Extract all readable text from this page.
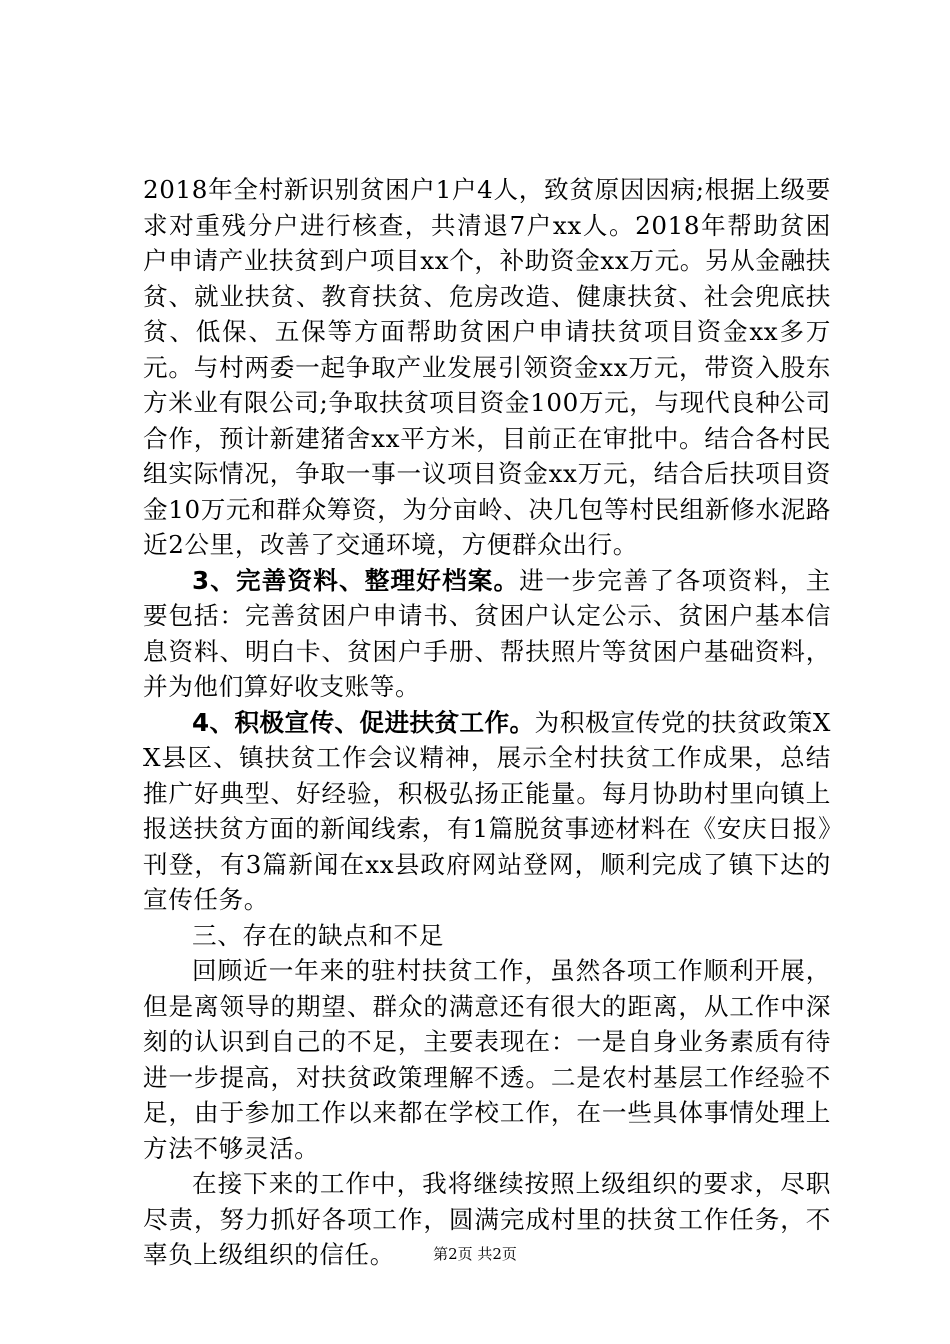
2018年全村新识别贫困户1户4人，致贫原因因病;根据上级要求对重残分户进行核查，共清退7户xx人。2018年帮助贫困户申请产业扶贫到户项目xx个，补助资金xx万元。另从金融扶贫、就业扶贫、教育扶贫、危房改造、健康扶贫、社会兜底扶贫、低保、五保等方面帮助贫困户申请扶贫项目资金xx多万元。与村两委一起争取产业发展引领资金xx万元，带资入股东方米业有限公司;争取扶贫项目资金100万元，与现代良种公司合作，预计新建猪舍xx平方米，目前正在审批中。结合各村民组实际情况，争取一事一议项目资金xx万元，结合后扶项目资金10万元和群众筹资，为分亩岭、决几包等村民组新修水泥路近2公里，改善了交通环境，方便群众出行。

3、完善资料、整理好档案。进一步完善了各项资料，主要包括：完善贫困户申请书、贫困户认定公示、贫困户基本信息资料、明白卡、贫困户手册、帮扶照片等贫困户基础资料，并为他们算好收支账等。

4、积极宣传、促进扶贫工作。为积极宣传党的扶贫政策XX县区、镇扶贫工作会议精神，展示全村扶贫工作成果，总结推广好典型、好经验，积极弘扬正能量。每月协助村里向镇上报送扶贫方面的新闻线索，有1篇脱贫事迹材料在《安庆日报》刊登，有3篇新闻在xx县政府网站登网，顺利完成了镇下达的宣传任务。

三、存在的缺点和不足

回顾近一年来的驻村扶贫工作，虽然各项工作顺利开展，但是离领导的期望、群众的满意还有很大的距离，从工作中深刻的认识到自己的不足，主要表现在：一是自身业务素质有待进一步提高，对扶贫政策理解不透。二是农村基层工作经验不足，由于参加工作以来都在学校工作，在一些具体事情处理上方法不够灵活。

在接下来的工作中，我将继续按照上级组织的要求，尽职尽责，努力抓好各项工作，圆满完成村里的扶贫工作任务，不辜负上级组织的信任。	第2页 共2页
